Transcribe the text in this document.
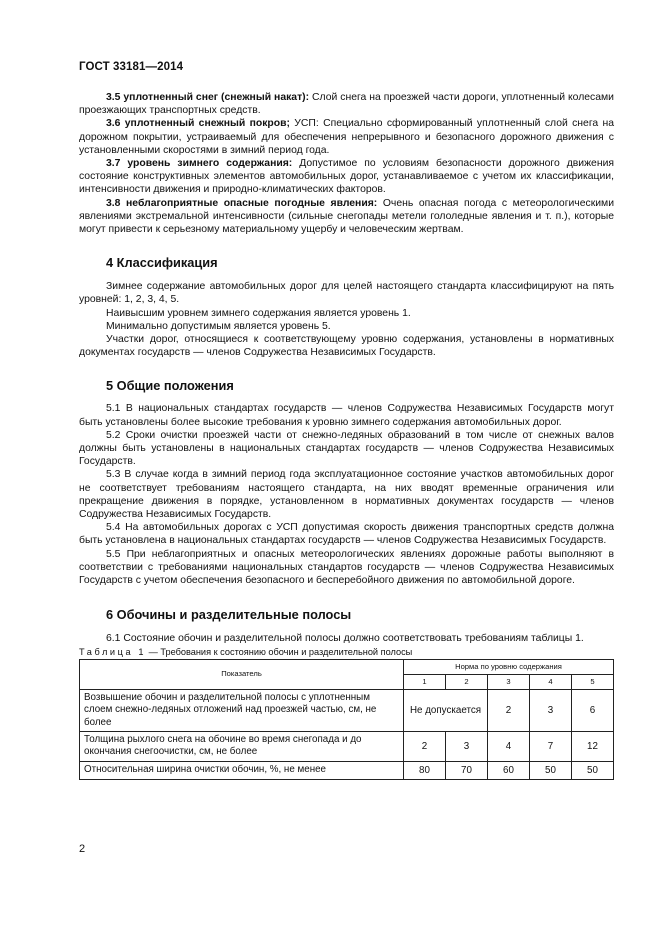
ГОСТ 33181—2014

3.5 уплотненный снег (снежный накат): Слой снега на проезжей части дороги, уплотненный колесами проезжающих транспортных средств.

3.6 уплотненный снежный покров; УСП: Специально сформированный уплотненный слой снега на дорожном покрытии, устраиваемый для обеспечения непрерывного и безопасного дорожного движения с установленными скоростями в зимний период года.

3.7 уровень зимнего содержания: Допустимое по условиям безопасности дорожного движения состояние конструктивных элементов автомобильных дорог, устанавливаемое с учетом их классификации, интенсивности движения и природно-климатических факторов.

3.8 неблагоприятные опасные погодные явления: Очень опасная погода с метеорологическими явлениями экстремальной интенсивности (сильные снегопады метели гололедные явления и т. п.), которые могут привести к серьезному материальному ущербу и человеческим жертвам.

4 Классификация

Зимнее содержание автомобильных дорог для целей настоящего стандарта классифицируют на пять уровней: 1, 2, 3, 4, 5.

Наивысшим уровнем зимнего содержания является уровень 1.

Минимально допустимым является уровень 5.

Участки дорог, относящиеся к соответствующему уровню содержания, установлены в нормативных документах государств — членов Содружества Независимых Государств.

5 Общие положения

5.1 В национальных стандартах государств — членов Содружества Независимых Государств могут быть установлены более высокие требования к уровню зимнего содержания автомобильных дорог.

5.2 Сроки очистки проезжей части от снежно-ледяных образований в том числе от снежных валов должны быть установлены в национальных стандартах государств — членов Содружества Независимых Государств.

5.3 В случае когда в зимний период года эксплуатационное состояние участков автомобильных дорог не соответствует требованиям настоящего стандарта, на них вводят временные ограничения или прекращение движения в порядке, установленном в нормативных документах государств — членов Содружества Независимых Государств.

5.4 На автомобильных дорогах с УСП допустимая скорость движения транспортных средств должна быть установлена в национальных стандартах государств — членов Содружества Независимых Государств.

5.5 При неблагоприятных и опасных метеорологических явлениях дорожные работы выполняют в соответствии с требованиями национальных стандартов государств — членов Содружества Независимых Государств с учетом обеспечения безопасного и бесперебойного движения по автомобильной дороге.

6 Обочины и разделительные полосы

6.1 Состояние обочин и разделительной полосы должно соответствовать требованиям таблицы 1.

Таблица 1 — Требования к состоянию обочин и разделительной полосы

Показатель	Норма по уровню содержания				
	1	2	3	4	5
Возвышение обочин и разделительной полосы с уплотненным слоем снежно-ледяных отложений над проезжей частью, см, не более	Не допускается		2	3	6
Толщина рыхлого снега на обочине во время снегопада и до окончания снегоочистки, см, не более	2	3	4	7	12
Относительная ширина очистки обочин, %, не менее	80	70	60	50	50
2
